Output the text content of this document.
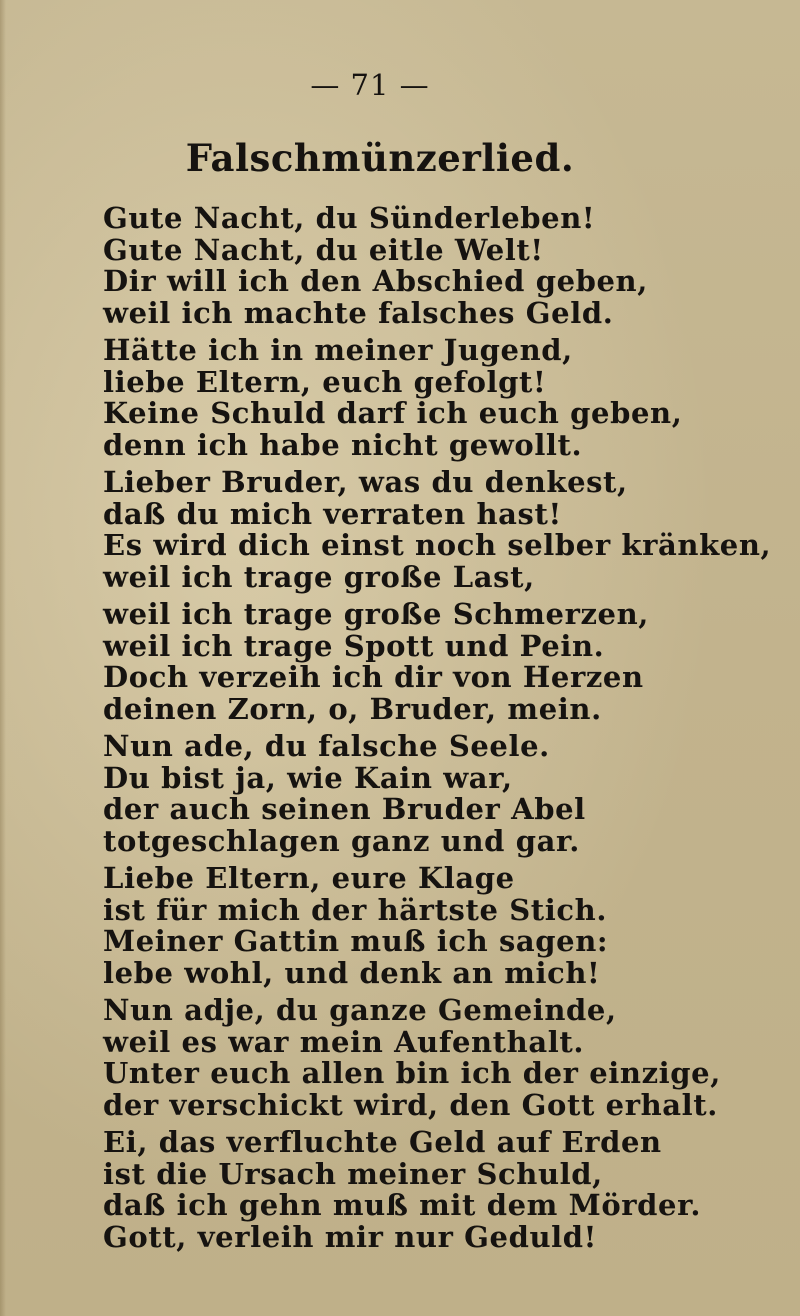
— 71 —
Falschmünzerlied.
Gute Nacht, du Sünderleben!
Gute Nacht, du eitle Welt!
Dir will ich den Abschied geben,
weil ich machte falsches Geld.
Hätte ich in meiner Jugend,
liebe Eltern, euch gefolgt!
Keine Schuld darf ich euch geben,
denn ich habe nicht gewollt.
Lieber Bruder, was du denkest,
daß du mich verraten hast!
Es wird dich einst noch selber kränken,
weil ich trage große Last,
weil ich trage große Schmerzen,
weil ich trage Spott und Pein.
Doch verzeih ich dir von Herzen
deinen Zorn, o, Bruder, mein.
Nun ade, du falsche Seele.
Du bist ja, wie Kain war,
der auch seinen Bruder Abel
totgeschlagen ganz und gar.
Liebe Eltern, eure Klage
ist für mich der härtste Stich.
Meiner Gattin muß ich sagen:
lebe wohl, und denk an mich!
Nun adje, du ganze Gemeinde,
weil es war mein Aufenthalt.
Unter euch allen bin ich der einzige,
der verschickt wird, den Gott erhalt.
Ei, das verfluchte Geld auf Erden
ist die Ursach meiner Schuld,
daß ich gehn muß mit dem Mörder.
Gott, verleih mir nur Geduld!
